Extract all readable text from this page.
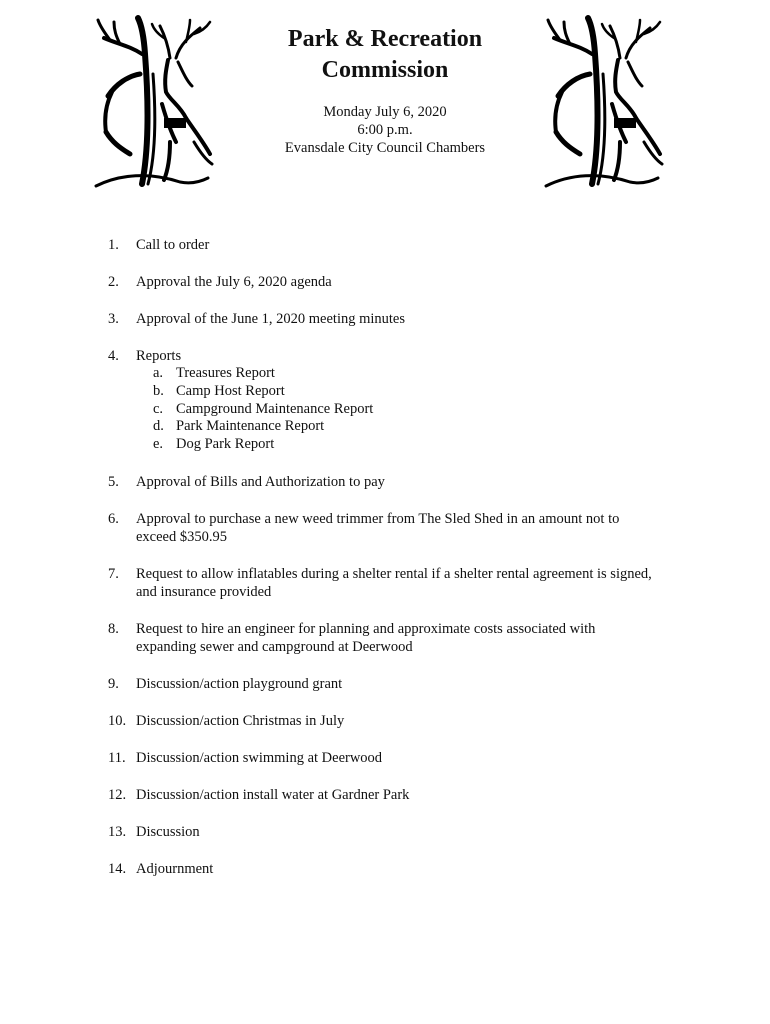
Park & Recreation
Commission
Monday July 6, 2020
6:00 p.m.
Evansdale City Council Chambers
1.	Call to order
2.	Approval the July 6, 2020 agenda
3.	Approval of the June 1, 2020 meeting minutes
4.	Reports
a. Treasures Report
b. Camp Host Report
c. Campground Maintenance Report
d. Park Maintenance Report
e. Dog Park Report
5.	Approval of Bills and Authorization to pay
6.	Approval to purchase a new weed trimmer from The Sled Shed in an amount not to
exceed $350.95
7.	Request to allow inflatables during a shelter rental if a shelter rental agreement is signed,
and insurance provided
8.	Request to hire an engineer for planning and approximate costs associated with
expanding sewer and campground at Deerwood
9.	Discussion/action playground grant
10. Discussion/action Christmas in July
11. Discussion/action swimming at Deerwood
12. Discussion/action install water at Gardner Park
13. Discussion
14. Adjournment
